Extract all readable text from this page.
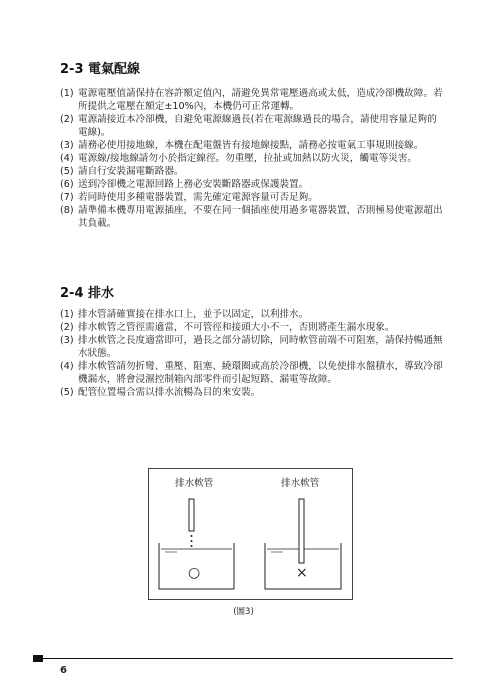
2-3 電氣配線
(1) 電源電壓值請保持在容許額定值內，請避免異常電壓過高或太低，造成冷卻機故障。若所提供之電壓在額定±10%內，本機仍可正常運轉。
(2) 電源請接近本冷卻機，自避免電源線過長(若在電源線過長的場合，請使用容量足夠的電線)。
(3) 請務必使用接地線，本機在配電盤皆有接地線接點，請務必按電氣工事規則接線。
(4) 電源線/接地線請勿小於指定線徑。勿重壓，拉扯或加熱以防火災，觸電等災害。
(5) 請自行安裝漏電斷路器。
(6) 送到冷卻機之電源回路上務必安裝斷路器或保護裝置。
(7) 若同時使用多種電器裝置，需先確定電源容量可否足夠。
(8) 請準備本機專用電源插座，不要在同一個插座使用過多電器裝置，否則極易使電源超出其負載。
2-4 排水
(1) 排水管請確實接在排水口上，並予以固定，以利排水。
(2) 排水軟管之管徑需適當，不可管徑和接頭大小不一，否則將產生漏水現象。
(3) 排水軟管之長度適當即可，過長之部分請切除，同時軟管前端不可阻塞，請保持暢通無水狀態。
(4) 排水軟管請勿折彎、重壓、阻塞、繞環圈或高於冷卻機，以免使排水盤積水，導致冷卻機漏水，將會浸濕控制箱內部零件而引起短路、漏電等故障。
(5) 配管位置場合需以排水流暢為目的來安裝。
排水軟管	排水軟管
○	×
(圖3)
6
